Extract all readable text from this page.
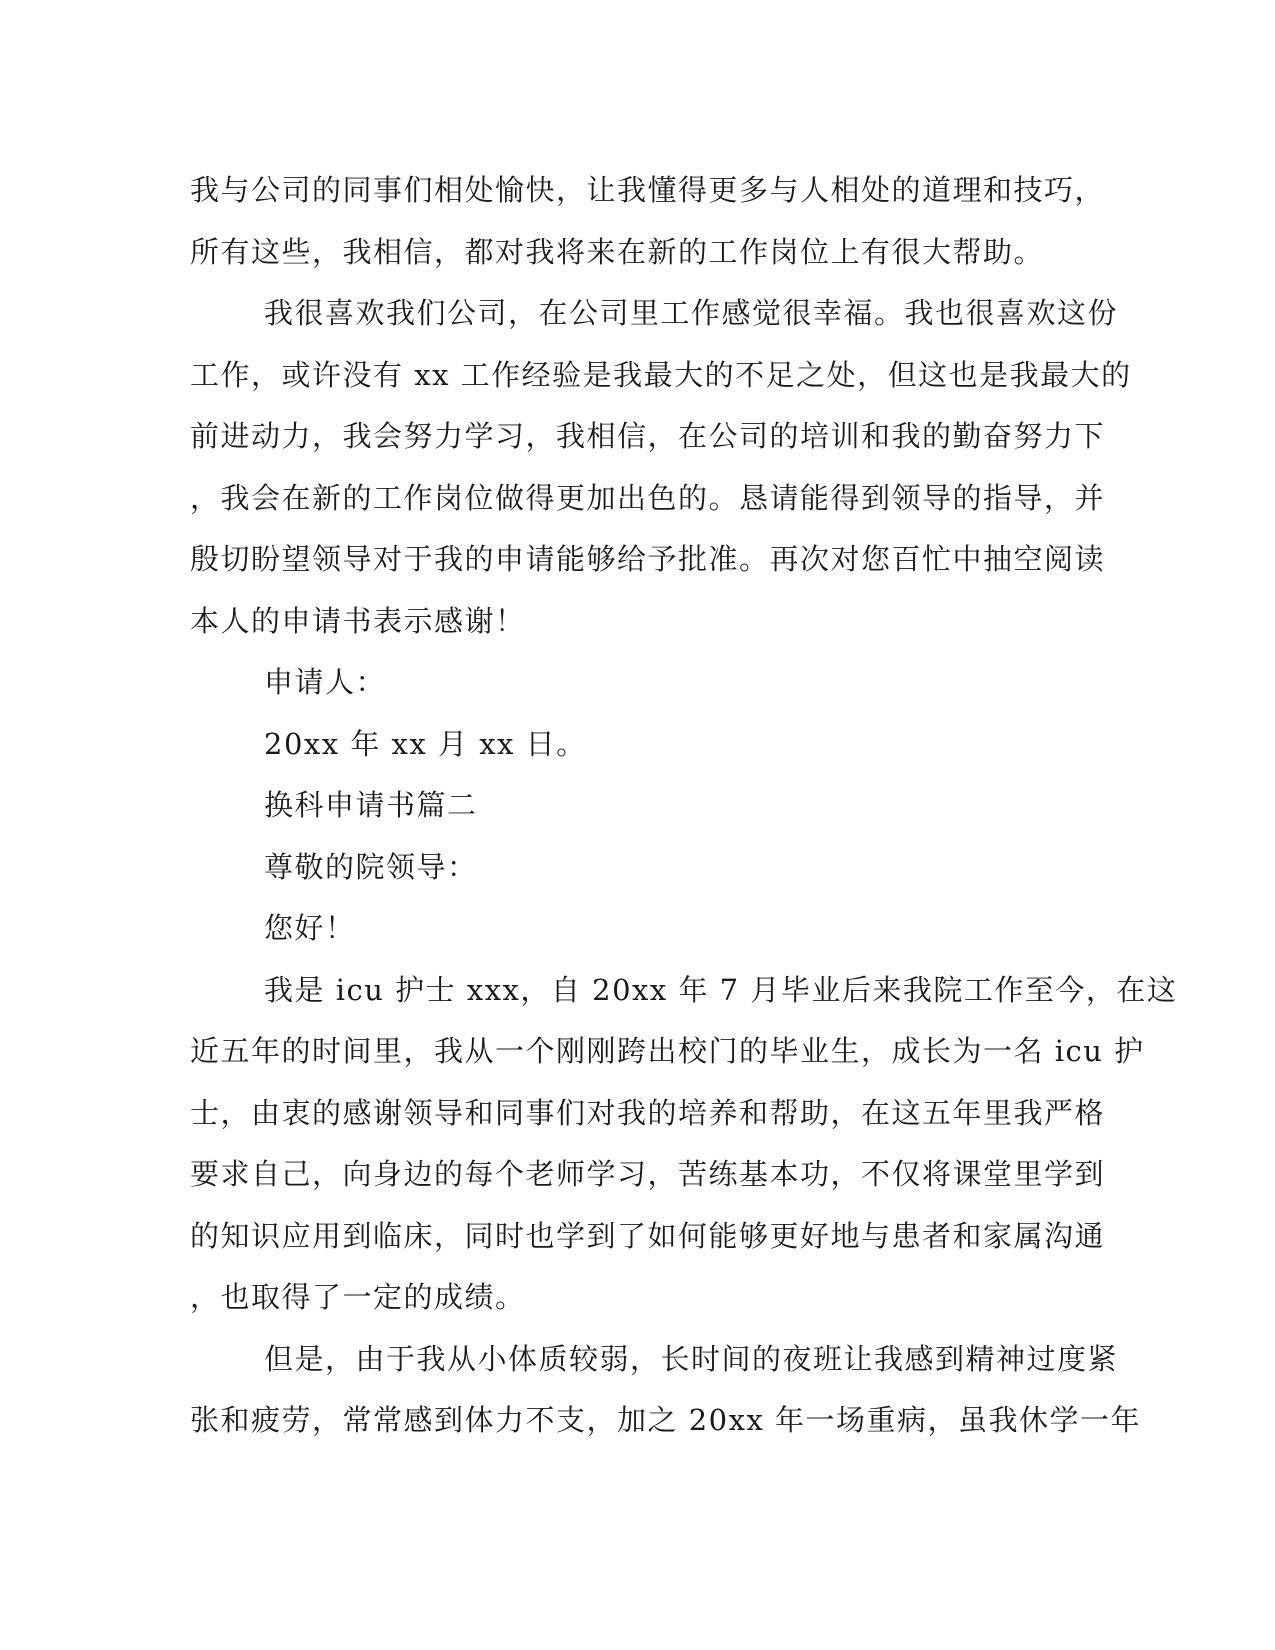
我与公司的同事们相处愉快，让我懂得更多与人相处的道理和技巧，
所有这些，我相信，都对我将来在新的工作岗位上有很大帮助。
我很喜欢我们公司，在公司里工作感觉很幸福。我也很喜欢这份
工作，或许没有 xx 工作经验是我最大的不足之处，但这也是我最大的
前进动力，我会努力学习，我相信，在公司的培训和我的勤奋努力下
，我会在新的工作岗位做得更加出色的。恳请能得到领导的指导，并
殷切盼望领导对于我的申请能够给予批准。再次对您百忙中抽空阅读
本人的申请书表示感谢！
申请人：
20xx 年 xx 月 xx 日。
换科申请书篇二
尊敬的院领导：
您好！
我是 icu 护士 xxx，自 20xx 年 7 月毕业后来我院工作至今，在这
近五年的时间里，我从一个刚刚跨出校门的毕业生，成长为一名 icu 护
士，由衷的感谢领导和同事们对我的培养和帮助，在这五年里我严格
要求自己，向身边的每个老师学习，苦练基本功，不仅将课堂里学到
的知识应用到临床，同时也学到了如何能够更好地与患者和家属沟通
，也取得了一定的成绩。
但是，由于我从小体质较弱，长时间的夜班让我感到精神过度紧
张和疲劳，常常感到体力不支，加之 20xx 年一场重病，虽我休学一年
